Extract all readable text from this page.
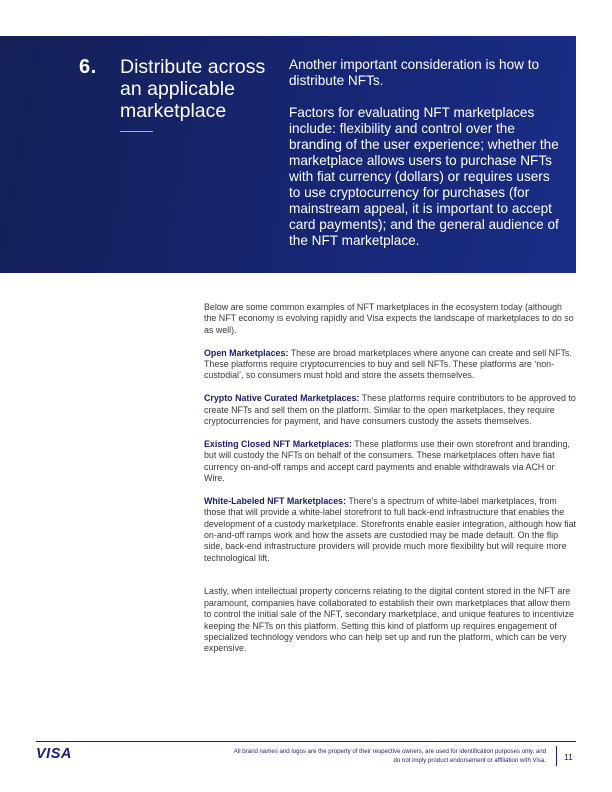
6. Distribute across an applicable marketplace

Another important consideration is how to distribute NFTs.

Factors for evaluating NFT marketplaces include: flexibility and control over the branding of the user experience; whether the marketplace allows users to purchase NFTs with fiat currency (dollars) or requires users to use cryptocurrency for purchases (for mainstream appeal, it is important to accept card payments); and the general audience of the NFT marketplace.

Below are some common examples of NFT marketplaces in the ecosystem today (although the NFT economy is evolving rapidly and Visa expects the landscape of marketplaces to do so as well).

Open Marketplaces: These are broad marketplaces where anyone can create and sell NFTs. These platforms require cryptocurrencies to buy and sell NFTs. These platforms are ‘non-custodial’, so consumers must hold and store the assets themselves.

Crypto Native Curated Marketplaces: These platforms require contributors to be approved to create NFTs and sell them on the platform. Similar to the open marketplaces, they require cryptocurrencies for payment, and have consumers custody the assets themselves.

Existing Closed NFT Marketplaces: These platforms use their own storefront and branding, but will custody the NFTs on behalf of the consumers. These marketplaces often have fiat currency on-and-off ramps and accept card payments and enable withdrawals via ACH or Wire.

White-Labeled NFT Marketplaces: There’s a spectrum of white-label marketplaces, from those that will provide a white-label storefront to full back-end infrastructure that enables the development of a custody marketplace. Storefronts enable easier integration, although how fiat on-and-off ramps work and how the assets are custodied may be made default. On the flip side, back-end infrastructure providers will provide much more flexibility but will require more technological lift.

Lastly, when intellectual property concerns relating to the digital content stored in the NFT are paramount, companies have collaborated to establish their own marketplaces that allow them to control the initial sale of the NFT, secondary marketplace, and unique features to incentivize keeping the NFTs on this platform. Setting this kind of platform up requires engagement of specialized technology vendors who can help set up and run the platform, which can be very expensive.

VISA	All brand names and logos are the property of their respective owners, are used for identification purposes only, and do not imply product endorsement or affiliation with Visa. 11
